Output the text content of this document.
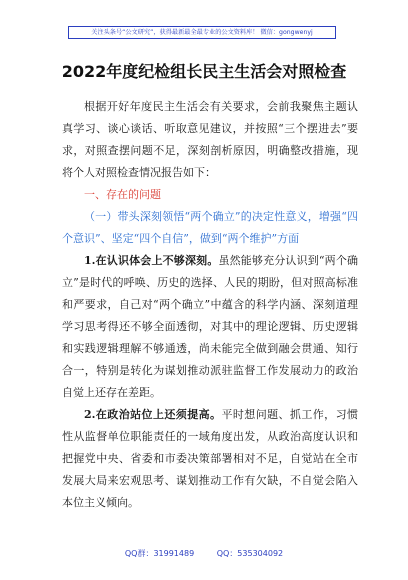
关注头条号“公文研究”，获得最新最全最专业的公文资料库！ 微信：gongwenyj
2022年度纪检组长民主生活会对照检查

根据开好年度民主生活会有关要求，会前我聚焦主题认真学习、谈心谈话、听取意见建议，并按照“三个摆进去”要求，对照查摆问题不足，深刻剖析原因，明确整改措施，现将个人对照检查情况报告如下：

一、存在的问题

（一）带头深刻领悟“两个确立”的决定性意义，增强“四个意识”、坚定“四个自信”，做到“两个维护”方面

1.在认识体会上不够深刻。虽然能够充分认识到“两个确立”是时代的呼唤、历史的选择、人民的期盼，但对照高标准和严要求，自己对“两个确立”中蕴含的科学内涵、深刻道理学习思考得还不够全面透彻，对其中的理论逻辑、历史逻辑和实践逻辑理解不够通透，尚未能完全做到融会贯通、知行合一，特别是转化为谋划推动派驻监督工作发展动力的政治自觉上还存在差距。

2.在政治站位上还须提高。平时想问题、抓工作，习惯性从监督单位职能责任的一域角度出发，从政治高度认识和把握党中央、省委和市委决策部署相对不足，自觉站在全市发展大局来宏观思考、谋划推动工作有欠缺，不自觉会陷入本位主义倾向。

QQ群：31991489	QQ：535304092
